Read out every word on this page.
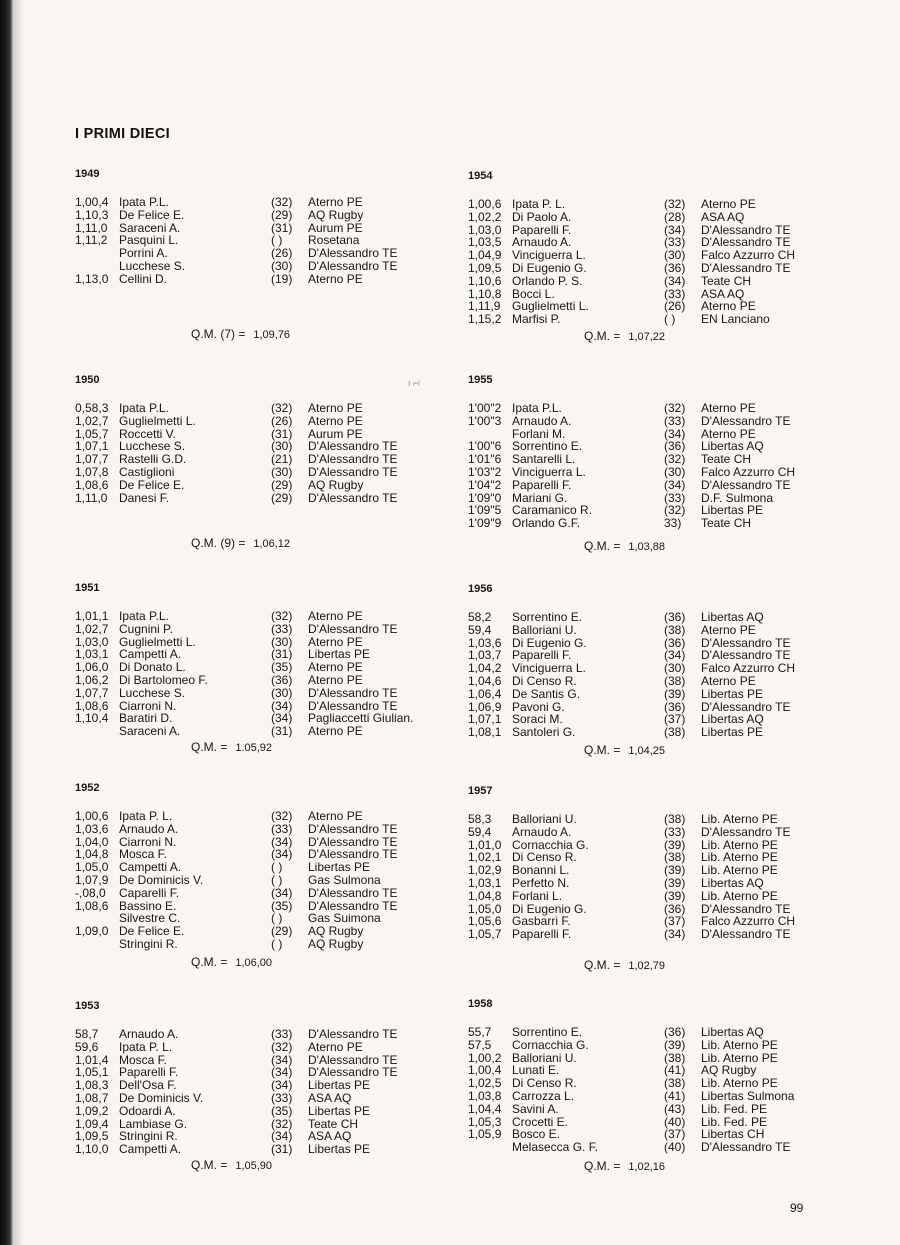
I PRIMI DIECI
ı ⌐ʲ
1949
1,00,4 Ipata P.L.	(32) Aterno PE
1,10,3 De Felice E.	(29) AQ Rugby
1,11,0 Saraceni A.	(31) Aurum PE
1,11,2 Pasquini L.	( ) Rosetana
Porrini A.	(26) D'Alessandro TE
Lucchese S.	(30) D'Alessandro TE
1,13,0 Cellini D.	(19) Aterno PE
1950
0,58,3 Ipata P.L.	(32) Aterno PE
1,02,7 Guglielmetti L.	(26) Aterno PE
1,05,7 Roccetti V.	(31) Aurum PE
1,07,1 Lucchese S.	(30) D'Alessandro TE
1,07,7 Rastelli G.D.	(21) D'Alessandro TE
1,07,8 Castiglioni	(30) D'Alessandro TE
1,08,6 De Felice E.	(29) AQ Rugby
1,11,0 Danesi F.	(29) D'Alessandro TE
1951
1,01,1 Ipata P.L.	(32) Aterno PE
1,02,7 Cugnini P.	(33) D'Alessandro TE
1,03,0 Guglielmetti L.	(30) Aterno PE
1,03,1 Campetti A.	(31) Libertas PE
1,06,0 Di Donato L.	(35) Aterno PE
1,06,2 Di Bartolomeo F.	(36) Aterno PE
1,07,7 Lucchese S.	(30) D'Alessandro TE
1,08,6 Ciarroni N.	(34) D'Alessandro TE
1,10,4 Baratiri D.	(34) Pagliaccetti Giulian.
Saraceni A.	(31) Aterno PE
1952
1,00,6 Ipata P. L.	(32) Aterno PE
1,03,6 Arnaudo A.	(33) D'Alessandro TE
1,04,0 Ciarroni N.	(34) D'Alessandro TE
1,04,8 Mosca F.	(34) D'Alessandro TE
1,05,0 Campetti A.	( ) Libertas PE
1,07,9 De Dominicis V.	( ) Gas Sulmona
-,08,0 Caparelli F.	(34) D'Alessandro TE
1,08,6 Bassino E.	(35) D'Alessandro TE
Silvestre C.	( ) Gas Suimona
1,09,0 De Felice E.	(29) AQ Rugby
Stringini R.	( ) AQ Rugby
1953
58,7 Arnaudo A.	(33) D'Alessandro TE
59,6 Ipata P. L.	(32) Aterno PE
1,01,4 Mosca F.	(34) D'Alessandro TE
1,05,1 Paparelli F.	(34) D'Alessandro TE
1,08,3 Dell'Osa F.	(34) Libertas PE
1,08,7 De Dominicis V.	(33) ASA AQ
1,09,2 Odoardi A.	(35) Libertas PE
1,09,4 Lambiase G.	(32) Teate CH
1,09,5 Stringini R.	(34) ASA AQ
1,10,0 Campetti A.	(31) Libertas PE
1954
1,00,6 Ipata P. L.	(32) Aterno PE
1,02,2 Di Paolo A.	(28) ASA AQ
1,03,0 Paparelli F.	(34) D'Alessandro TE
1,03,5 Arnaudo A.	(33) D'Alessandro TE
1,04,9 Vinciguerra L.	(30) Falco Azzurro CH
1,09,5 Di Eugenio G.	(36) D'Alessandro TE
1,10,6 Orlando P. S.	(34) Teate CH
1,10,8 Bocci L.	(33) ASA AQ
1,11,9 Guglielmetti L.	(26) Aterno PE
1,15,2 Marfisi P.	( ) EN Lanciano
1955
1'00"2 Ipata P.L.	(32) Aterno PE
1'00"3 Arnaudo A.	(33) D'Alessandro TE
Forlani M.	(34) Aterno PE
1'00"6 Sorrentino E.	(36) Libertas AQ
1'01"6 Santarelli L.	(32) Teate CH
1'03"2 Vinciguerra L.	(30) Falco Azzurro CH
1'04"2 Paparelli F.	(34) D'Alessandro TE
1'09"0 Mariani G.	(33) D.F. Sulmona
1'09"5 Caramanico R.	(32) Libertas PE
1'09"9 Orlando G.F.	33) Teate CH
1956
58,2 Sorrentino E.	(36) Libertas AQ
59,4 Balloriani U.	(38) Aterno PE
1,03,6 Di Eugenio G.	(36) D'Alessandro TE
1,03,7 Paparelli F.	(34) D'Alessandro TE
1,04,2 Vinciguerra L.	(30) Falco Azzurro CH
1,04,6 Di Censo R.	(38) Aterno PE
1,06,4 De Santis G.	(39) Libertas PE
1,06,9 Pavoni G.	(36) D'Alessandro TE
1,07,1 Soraci M.	(37) Libertas AQ
1,08,1 Santoleri G.	(38) Libertas PE
1957
58,3 Balloriani U.	(38) Lib. Aterno PE
59,4 Arnaudo A.	(33) D'Alessandro TE
1,01,0 Cornacchia G.	(39) Lib. Aterno PE
1,02,1 Di Censo R.	(38) Lib. Aterno PE
1,02,9 Bonanni L.	(39) Lib. Aterno PE
1,03,1 Perfetto N.	(39) Libertas AQ
1,04,8 Forlani L.	(39) Lib. Aterno PE
1,05,0 Di Eugenio G.	(36) D'Alessandro TE
1,05,6 Gasbarri F.	(37) Falco Azzurro CH
1,05,7 Paparelli F.	(34) D'Alessandro TE
1958
55,7 Sorrentino E.	(36) Libertas AQ
57,5 Cornacchia G.	(39) Lib. Aterno PE
1,00,2 Balloriani U.	(38) Lib. Aterno PE
1,00,4 Lunati E.	(41) AQ Rugby
1,02,5 Di Censo R.	(38) Lib. Aterno PE
1,03,8 Carrozza L.	(41) Libertas Sulmona
1,04,4 Savini A.	(43) Lib. Fed. PE
1,05,3 Crocetti E.	(40) Lib. Fed. PE
1,05,9 Bosco E.	(37) Libertas CH
Melasecca G. F.	(40) D'Alessandro TE
99
Q.M. (7) = 1,09,76
Q.M. (9) = 1,06,12
Q.M. = 1.05,92
Q.M. = 1,06,00
Q.M. = 1,05,90
Q.M. = 1,07,22
Q.M. = 1,03,88
Q.M. = 1,04,25
Q.M. = 1,02,79
Q.M. = 1,02,16
